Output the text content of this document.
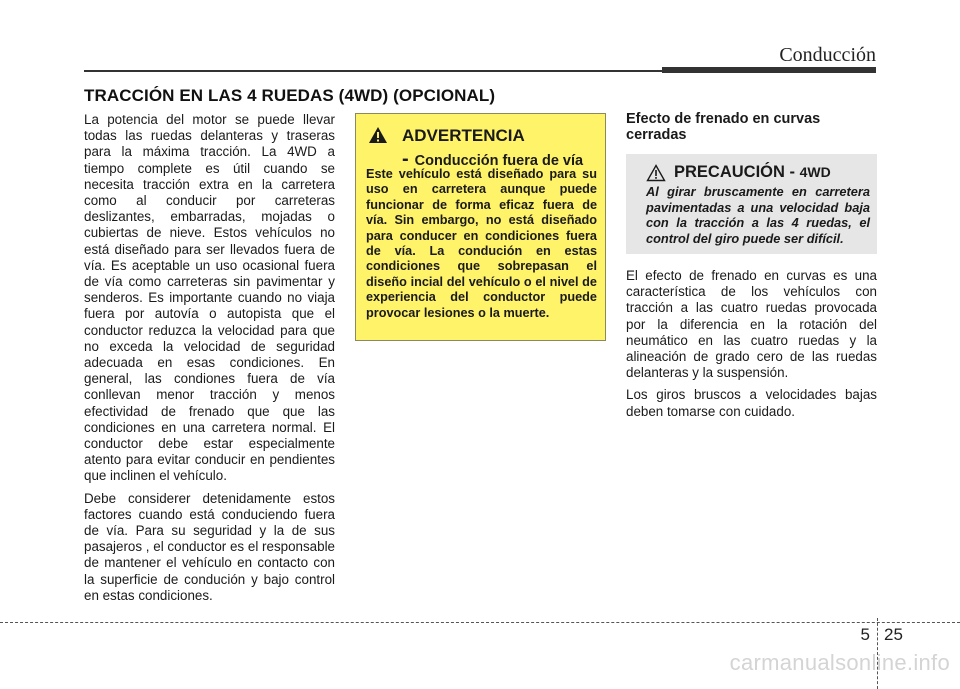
Conducción
TRACCIÓN EN LAS 4 RUEDAS (4WD) (OPCIONAL)

La potencia del motor se puede llevar todas las ruedas delanteras y traseras para la máxima tracción. La 4WD a tiempo complete es útil cuando se necesita tracción extra en la carretera como al conducir por carreteras deslizantes, embarradas, mojadas o cubiertas de nieve. Estos vehículos no está diseñado para ser llevados fuera de vía. Es aceptable un uso ocasional fuera de vía como carreteras sin pavimentar y senderos. Es importante cuando no viaja fuera por autovía o autopista que el conductor reduzca la velocidad para que no exceda la velocidad de seguridad adecuada en esas condiciones. En general, las condiones fuera de vía conllevan menor tracción y menos efectividad de frenado que que las condiciones en una carretera normal. El conductor debe estar especialmente atento para evitar conducir en pendientes que inclinen el vehículo.

Debe considerer detenidamente estos factores cuando está conduciendo fuera de vía. Para su seguridad y la de sus pasajeros , el conductor es el responsable de mantener el vehículo en contacto con la superficie de condución y bajo control en estas condiciones.

ADVERTENCIA
- Conducción fuera de vía
Este vehículo está diseñado para su uso en carretera aunque puede funcionar de forma eficaz fuera de vía. Sin embargo, no está diseñado para conducer en condiciones fuera de vía. La condución en estas condiciones que sobrepasan el diseño incial del vehículo o el nivel de experiencia del conductor puede provocar lesiones o la muerte.
Efecto de frenado en curvas cerradas
PRECAUCIÓN - 4WD
Al girar bruscamente en carretera pavimentadas a una velocidad baja con la tracción a las 4 ruedas, el control del giro puede ser difícil.

El efecto de frenado en curvas es una característica de los vehículos con tracción a las cuatro ruedas provocada por la diferencia en la rotación del neumático en las cuatro ruedas y la alineación de grado cero de las ruedas delanteras y la suspensión.

Los giros bruscos a velocidades bajas deben tomarse con cuidado.

5 25
carmanualsonline.info
